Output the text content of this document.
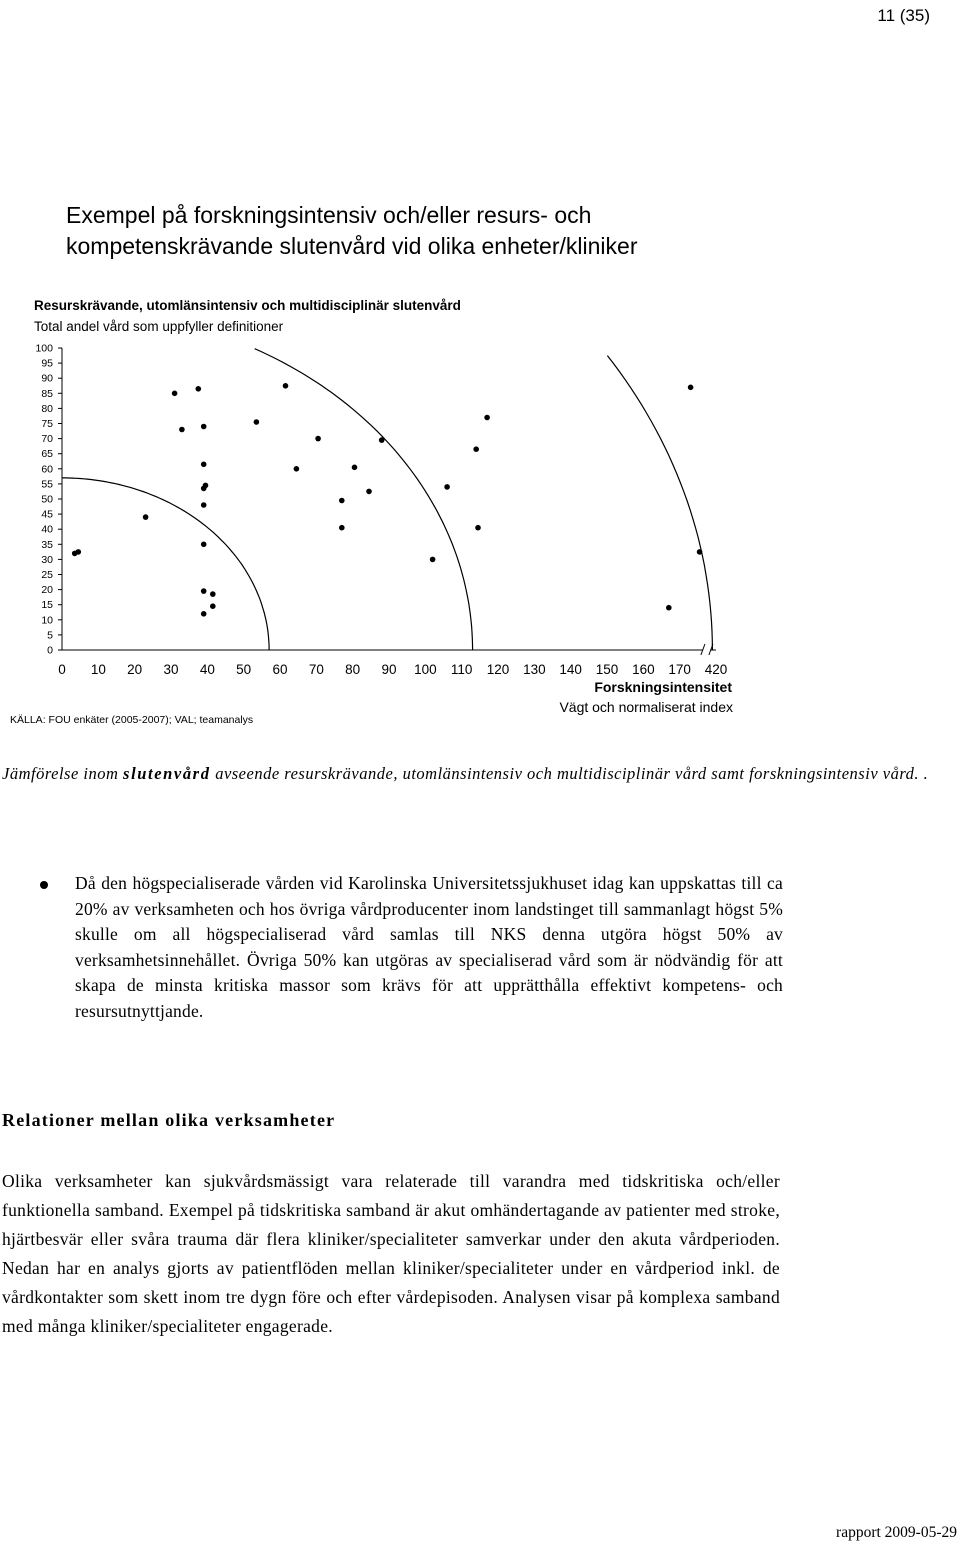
11 (35)
Exempel på forskningsintensiv och/eller resurs- och
kompetenskrävande slutenvård vid olika enheter/kliniker
Resurskrävande, utomlänsintensiv och multidisciplinär slutenvård
Total andel vård som uppfyller definitioner
0
5
10
15
20
25
30
35
40
45
50
55
60
65
70
75
80
85
90
95
100
0 10 20 30 40 50 60 70 80 90 100 110 120 130 140 150 160 170 420
Forskningsintensitet
Vägt och normaliserat index
KÄLLA: FOU enkäter (2005-2007); VAL; teamanalys
Jämförelse inom slutenvård avseende resurskrävande, utomlänsintensiv och multidisciplinär vård samt forskningsintensiv vård. .
Då den högspecialiserade vården vid Karolinska Universitetssjukhuset idag kan uppskattas till ca 20% av verksamheten och hos övriga vårdproducenter inom landstinget till sammanlagt högst 5% skulle om all högspecialiserad vård samlas till NKS denna utgöra högst 50% av verksamhetsinnehållet. Övriga 50% kan utgöras av specialiserad vård som är nödvändig för att skapa de minsta kritiska massor som krävs för att upprätthålla effektivt kompetens- och resursutnyttjande.
Relationer mellan olika verksamheter
Olika verksamheter kan sjukvårdsmässigt vara relaterade till varandra med tidskritiska och/eller funktionella samband. Exempel på tidskritiska samband är akut omhändertagande av patienter med stroke, hjärtbesvär eller svåra trauma där flera kliniker/specialiteter samverkar under den akuta vårdperioden. Nedan har en analys gjorts av patientflöden mellan kliniker/specialiteter under en vårdperiod inkl. de vårdkontakter som skett inom tre dygn före och efter vårdepisoden. Analysen visar på komplexa samband med många kliniker/specialiteter engagerade.
rapport 2009-05-29
